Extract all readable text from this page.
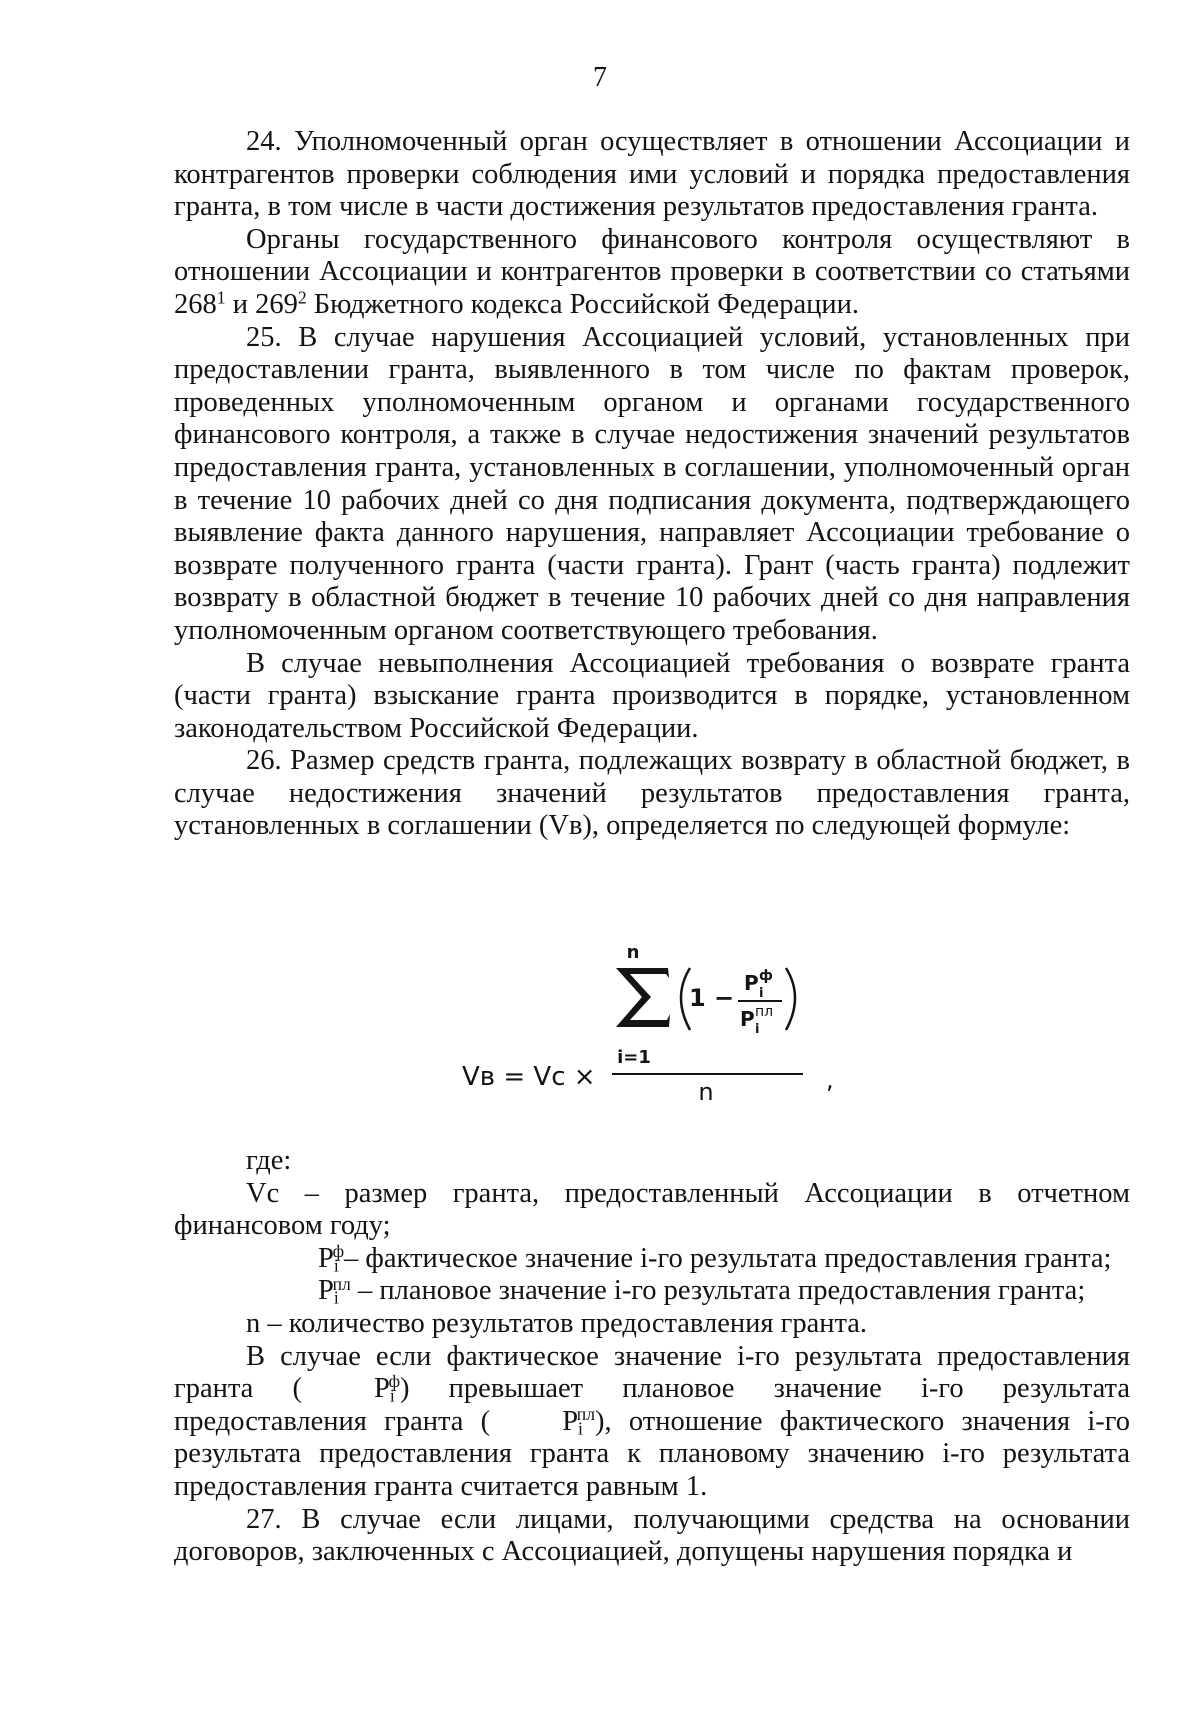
7

24. Уполномоченный орган осуществляет в отношении Ассоциации и контрагентов проверки соблюдения ими условий и порядка предоставления гранта, в том числе в части достижения результатов предоставления гранта.

Органы государственного финансового контроля осуществляют в отношении Ассоциации и контрагентов проверки в соответствии со статьями $268^1$ и $269^2$ Бюджетного кодекса Российской Федерации.

25. В случае нарушения Ассоциацией условий, установленных при предоставлении гранта, выявленного в том числе по фактам проверок, проведенных уполномоченным органом и органами государственного финансового контроля, а также в случае недостижения значений результатов предоставления гранта, установленных в соглашении, уполномоченный орган в течение 10 рабочих дней со дня подписания документа, подтверждающего выявление факта данного нарушения, направляет Ассоциации требование о возврате полученного гранта (части гранта). Грант (часть гранта) подлежит возврату в областной бюджет в течение 10 рабочих дней со дня направления уполномоченным органом соответствующего требования.

В случае невыполнения Ассоциацией требования о возврате гранта (части гранта) взыскание гранта производится в порядке, установленном законодательством Российской Федерации.

26. Размер средств гранта, подлежащих возврату в областной бюджет, в случае недостижения значений результатов предоставления гранта, установленных в соглашении (Vв), определяется по следующей формуле:

Vв = Vc ×
n
i=1
1 −
P ф
i
P пл
i
n	,

где:

Vс – размер гранта, предоставленный Ассоциации в отчетном финансовом году;

$Pi^ф-$ фактическое значение i-го результата предоставления гранта;

$Pi^{пл}$ – плановое значение i-го результата предоставления гранта;

n – количество результатов предоставления гранта.

В случае если фактическое значение i-го результата предоставления гранта (	$Pi^ф$) превышает плановое значение i-го результата предоставления гранта (	$Pi^{пл}$), отношение фактического значения i-го результата предоставления гранта к плановому значению i-го результата предоставления гранта считается равным 1.

27. В случае если лицами, получающими средства на основании договоров, заключенных с Ассоциацией, допущены нарушения порядка и
